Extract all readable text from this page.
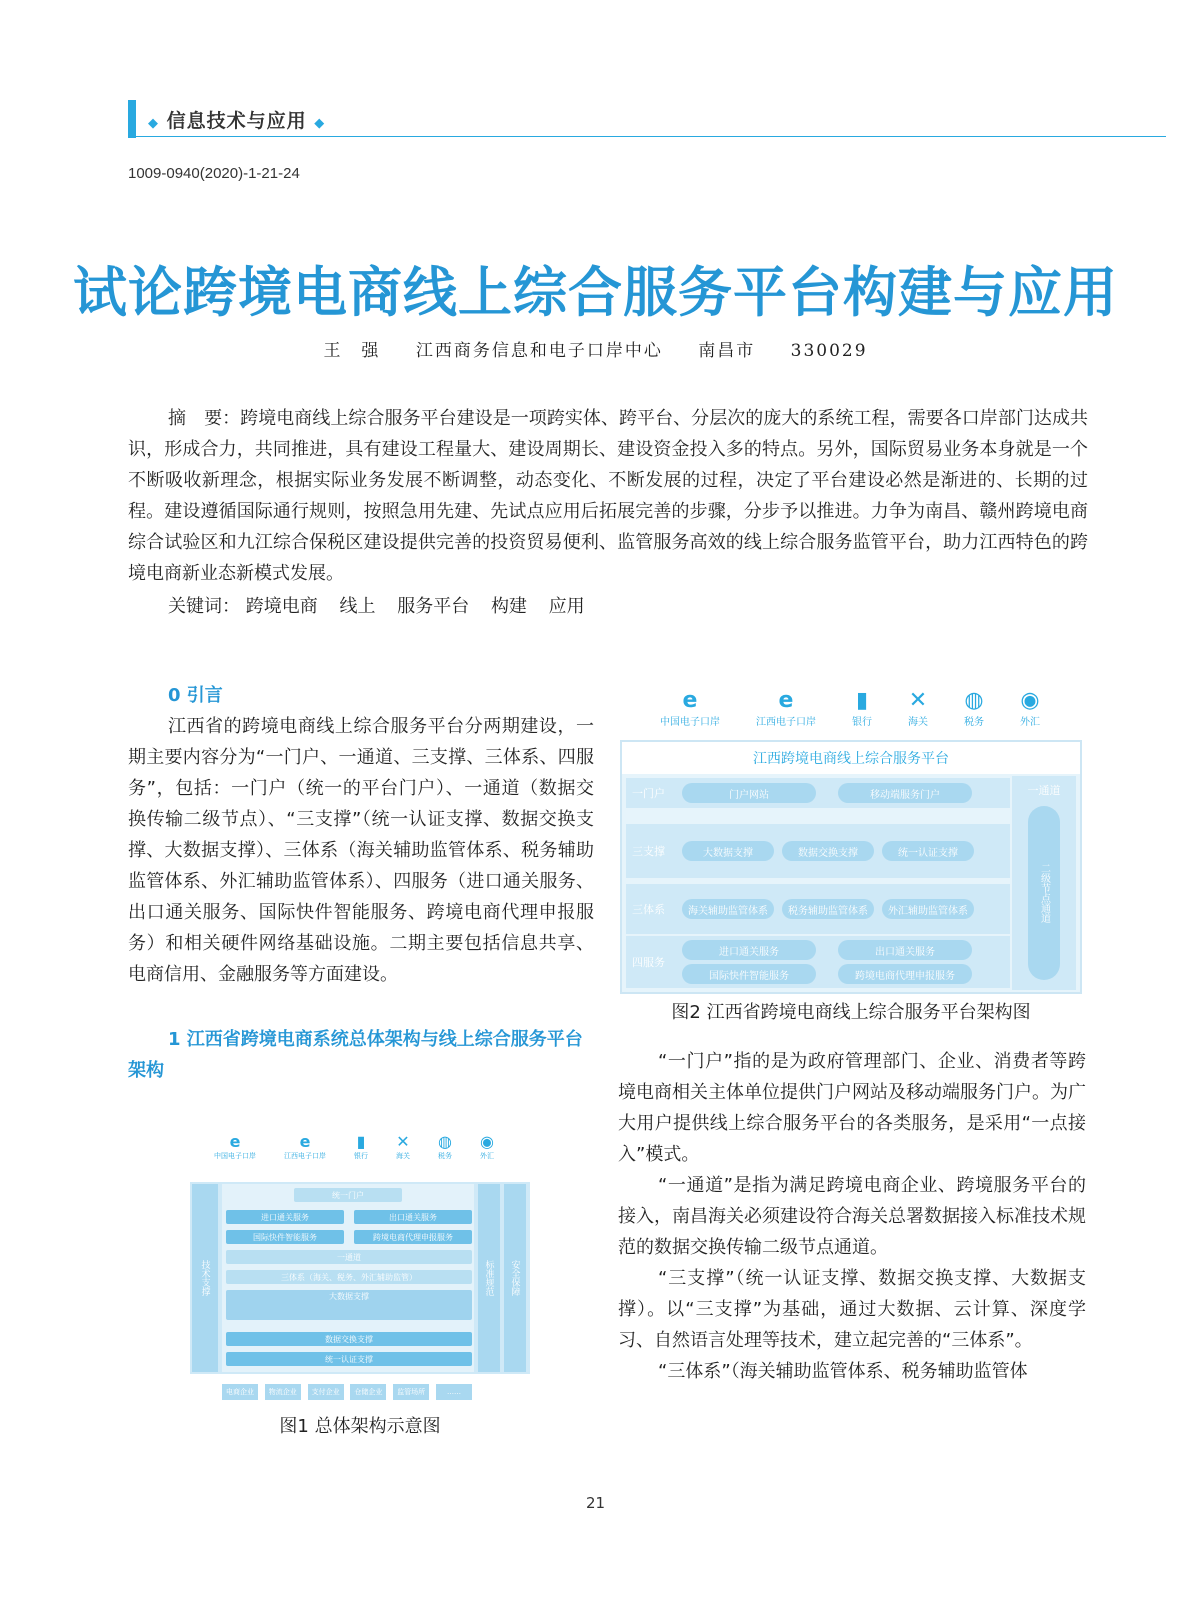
◆ 信息技术与应用 ◆
1009-0940(2020)-1-21-24
试论跨境电商线上综合服务平台构建与应用
王　强 江西商务信息和电子口岸中心 南昌市 330029
摘　要：跨境电商线上综合服务平台建设是一项跨实体、跨平台、分层次的庞大的系统工程，需要各口岸部门达成共识，形成合力，共同推进，具有建设工程量大、建设周期长、建设资金投入多的特点。另外，国际贸易业务本身就是一个不断吸收新理念，根据实际业务发展不断调整，动态变化、不断发展的过程，决定了平台建设必然是渐进的、长期的过程。建设遵循国际通行规则，按照急用先建、先试点应用后拓展完善的步骤，分步予以推进。力争为南昌、赣州跨境电商综合试验区和九江综合保税区建设提供完善的投资贸易便利、监管服务高效的线上综合服务监管平台，助力江西特色的跨境电商新业态新模式发展。
关键词： 跨境电商 线上 服务平台 构建 应用
0 引言
江西省的跨境电商线上综合服务平台分两期建设，一期主要内容分为“一门户、一通道、三支撑、三体系、四服务”，包括：一门户（统一的平台门户）、一通道（数据交换传输二级节点）、“三支撑”（统一认证支撑、数据交换支撑、大数据支撑）、三体系（海关辅助监管体系、税务辅助监管体系、外汇辅助监管体系）、四服务（进口通关服务、出口通关服务、国际快件智能服务、跨境电商代理申报服务）和相关硬件网络基础设施。二期主要包括信息共享、电商信用、金融服务等方面建设。
1 江西省跨境电商系统总体架构与线上综合服务平台架构
e
中国电子口岸
e
江西电子口岸
▮
银行
✕
海关
◍
税务
◉
外汇
江西跨境电商线上综合服务平台
一门户	门户网站	移动端服务门户
三支撑	大数据支撑	数据交换支撑	统一认证支撑
三体系	海关辅助监管体系	税务辅助监管体系	外汇辅助监管体系
四服务
进口通关服务	出口通关服务
国际快件智能服务	跨境电商代理申报服务
一通道
二级节点通道
图2 江西省跨境电商线上综合服务平台架构图
“一门户”指的是为政府管理部门、企业、消费者等跨境电商相关主体单位提供门户网站及移动端服务门户。为广大用户提供线上综合服务平台的各类服务，是采用“一点接入”模式。
“一通道”是指为满足跨境电商企业、跨境服务平台的接入，南昌海关必须建设符合海关总署数据接入标准技术规范的数据交换传输二级节点通道。
“三支撑”（统一认证支撑、数据交换支撑、大数据支撑）。以“三支撑”为基础，通过大数据、云计算、深度学习、自然语言处理等技术，建立起完善的“三体系”。
“三体系”（海关辅助监管体系、税务辅助监管体
e
中国电子口岸
e
江西电子口岸
▮
银行
✕
海关
◍
税务
◉
外汇
技术支撑
统一门户
进口通关服务	出口通关服务
国际快件智能服务	跨境电商代理申报服务
一通道
三体系（海关、税务、外汇辅助监管）
大数据支撑
数据交换支撑
统一认证支撑
标准规范 安全保障
电商企业	物流企业	支付企业	仓储企业	监管场所	……
图1 总体架构示意图
21
